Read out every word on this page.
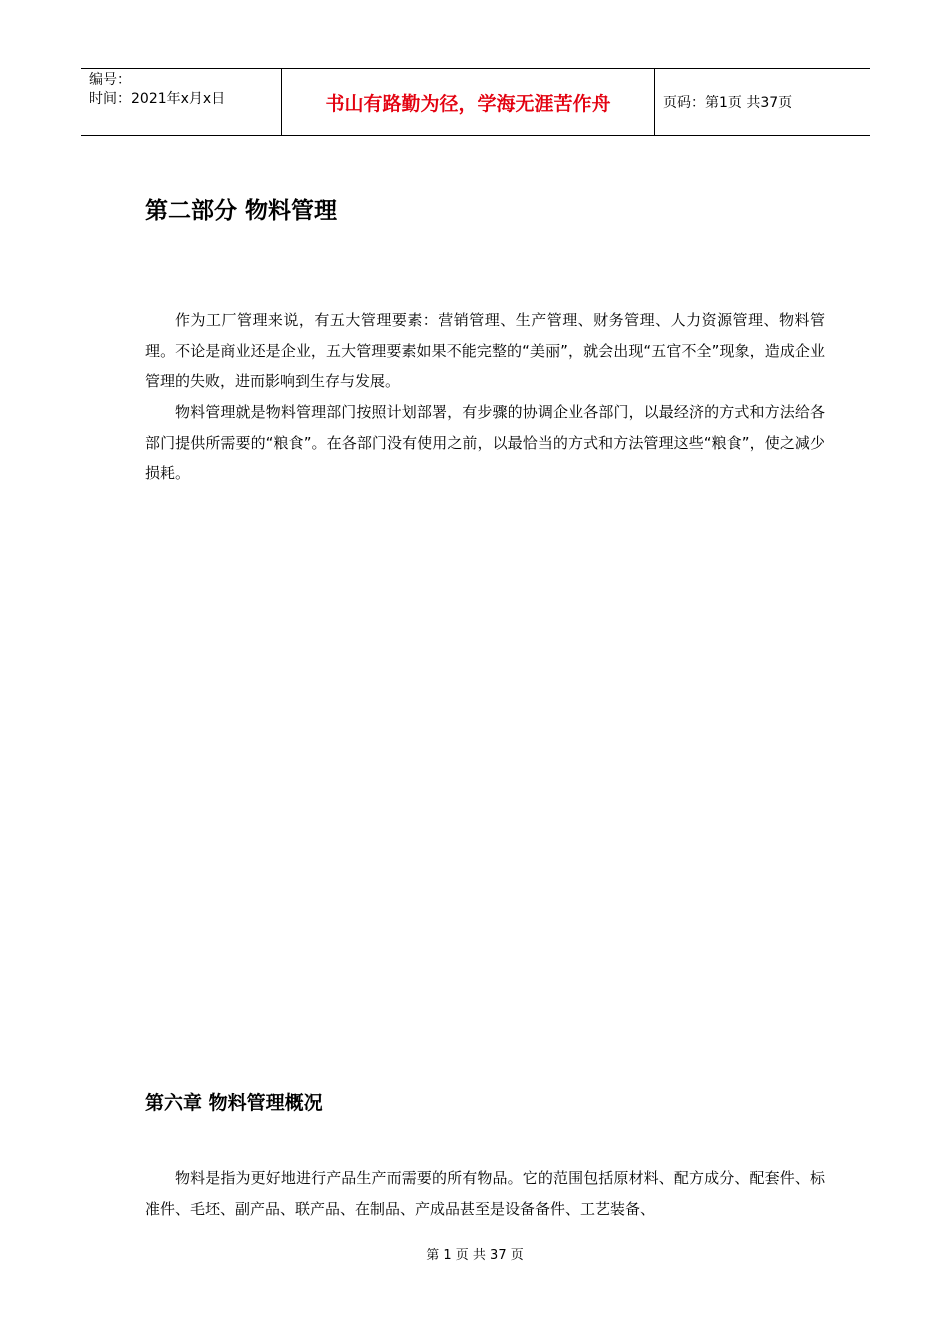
编号：
时间：2021年x月x日	书山有路勤为径，学海无涯苦作舟	页码：第1页 共37页
第二部分 物料管理

作为工厂管理来说，有五大管理要素：营销管理、生产管理、财务管理、人力资源管理、物料管理。不论是商业还是企业，五大管理要素如果不能完整的“美丽”，就会出现“五官不全”现象，造成企业管理的失败，进而影响到生存与发展。

物料管理就是物料管理部门按照计划部署，有步骤的协调企业各部门，以最经济的方式和方法给各部门提供所需要的“粮食”。在各部门没有使用之前，以最恰当的方式和方法管理这些“粮食”，使之减少损耗。

第六章 物料管理概况

物料是指为更好地进行产品生产而需要的所有物品。它的范围包括原材料、配方成分、配套件、标准件、毛坯、副产品、联产品、在制品、产成品甚至是设备备件、工艺装备、

第 1 页 共 37 页
